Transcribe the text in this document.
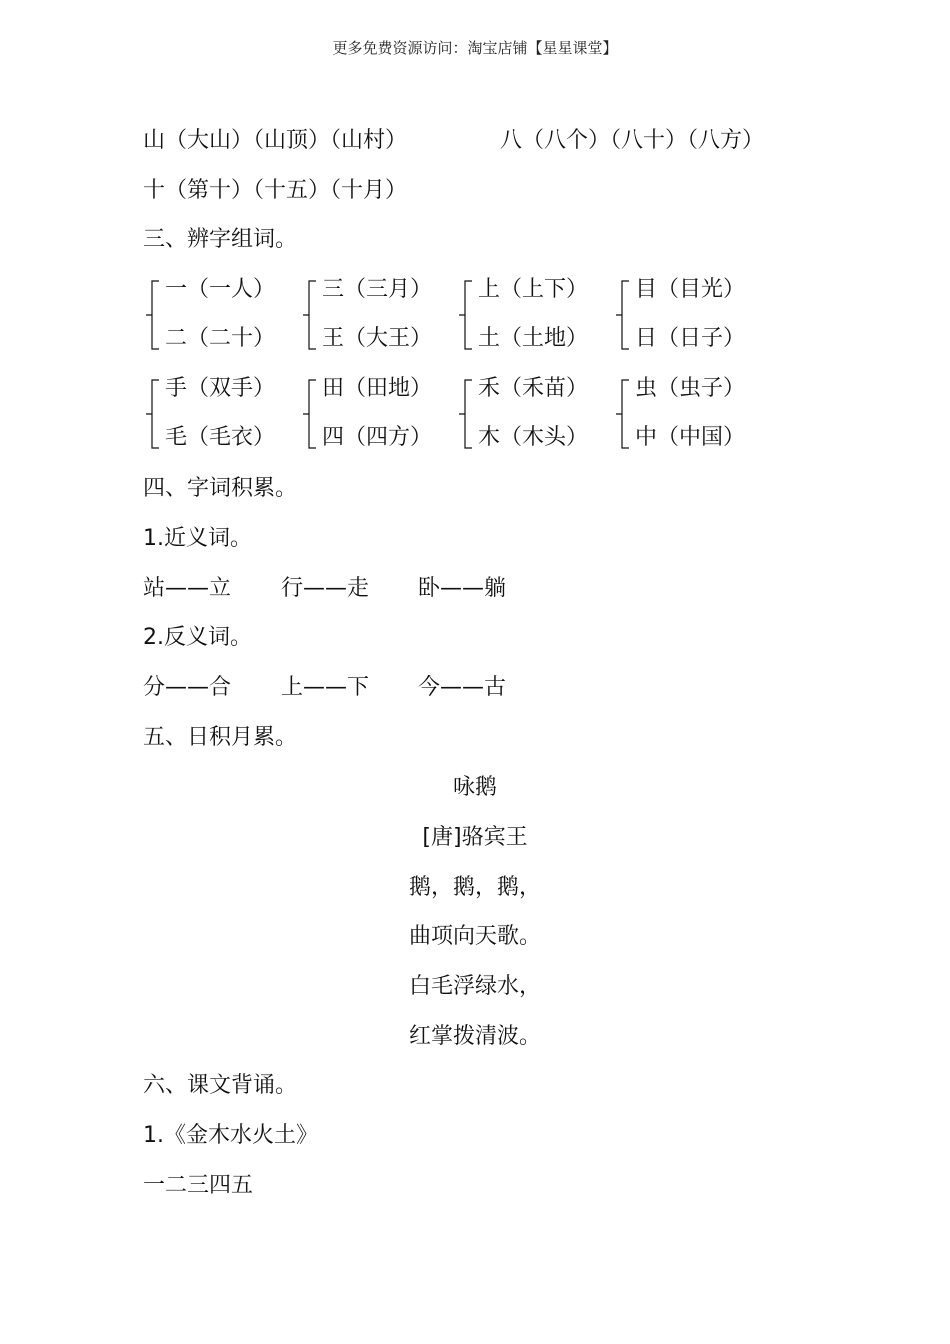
更多免费资源访问：淘宝店铺【星星课堂】
山（大山）（山顶）（山村）	八（八个）（八十）（八方）
十（第十）（十五）（十月）
三、辨字组词。
一（一人）
二（二十）
三（三月）
王（大王）
上（上下）
土（土地）
目（目光）
日（日子）
手（双手）
毛（毛衣）
田（田地）
四（四方）
禾（禾苗）
木（木头）
虫（虫子）
中（中国）
四、字词积累。
1.近义词。
站——立 行——走 卧——躺
2.反义词。
分——合 上——下 今——古
五、日积月累。
咏鹅
[唐]骆宾王
鹅，鹅，鹅，
曲项向天歌。
白毛浮绿水，
红掌拨清波。
六、课文背诵。
1.《金木水火土》
一二三四五
